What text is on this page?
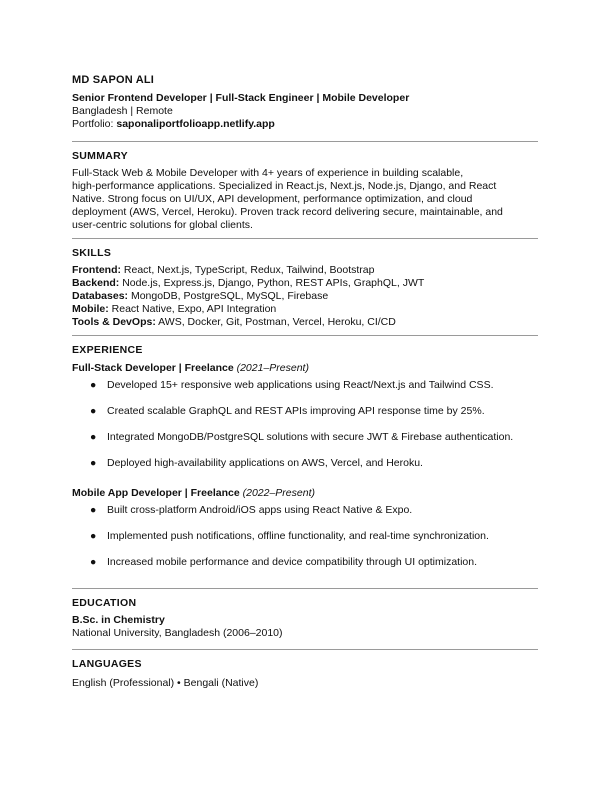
MD SAPON ALI
Senior Frontend Developer | Full-Stack Engineer | Mobile Developer
Bangladesh | Remote
Portfolio: saponaliportfolioapp.netlify.app
SUMMARY
Full-Stack Web & Mobile Developer with 4+ years of experience in building scalable,
high-performance applications. Specialized in React.js, Next.js, Node.js, Django, and React
Native. Strong focus on UI/UX, API development, performance optimization, and cloud
deployment (AWS, Vercel, Heroku). Proven track record delivering secure, maintainable, and
user-centric solutions for global clients.
SKILLS
Frontend: React, Next.js, TypeScript, Redux, Tailwind, Bootstrap
Backend: Node.js, Express.js, Django, Python, REST APIs, GraphQL, JWT
Databases: MongoDB, PostgreSQL, MySQL, Firebase
Mobile: React Native, Expo, API Integration
Tools & DevOps: AWS, Docker, Git, Postman, Vercel, Heroku, CI/CD
EXPERIENCE
Full-Stack Developer | Freelance (2021–Present)
● Developed 15+ responsive web applications using React/Next.js and Tailwind CSS.
● Created scalable GraphQL and REST APIs improving API response time by 25%.
● Integrated MongoDB/PostgreSQL solutions with secure JWT & Firebase authentication.
● Deployed high-availability applications on AWS, Vercel, and Heroku.
Mobile App Developer | Freelance (2022–Present)
● Built cross-platform Android/iOS apps using React Native & Expo.
● Implemented push notifications, offline functionality, and real-time synchronization.
● Increased mobile performance and device compatibility through UI optimization.
EDUCATION
B.Sc. in Chemistry
National University, Bangladesh (2006–2010)
LANGUAGES
English (Professional) • Bengali (Native)
